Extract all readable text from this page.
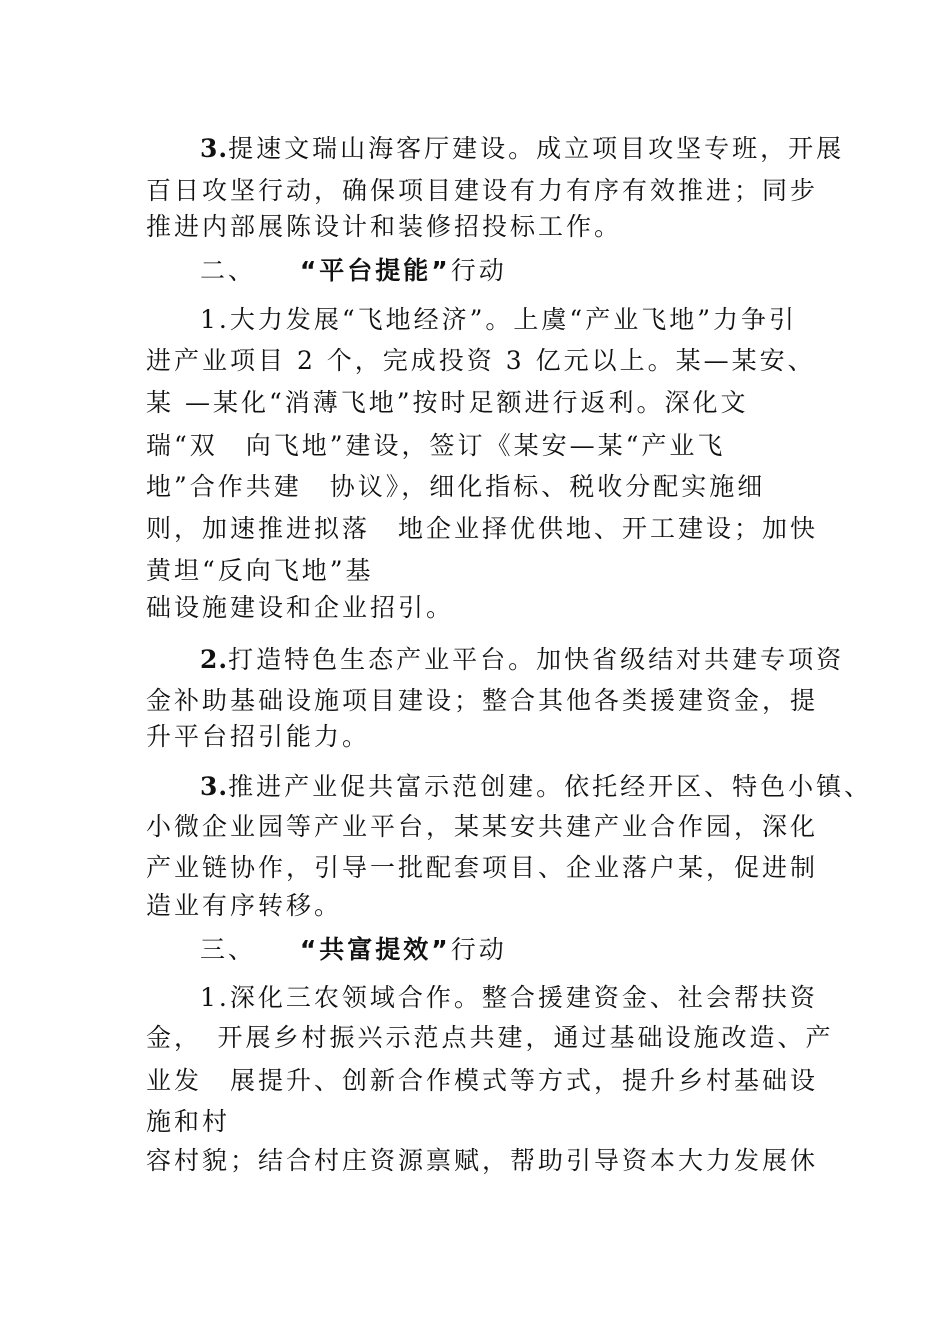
3.提速文瑞山海客厅建设。成立项目攻坚专班，开展
百日攻坚行动，确保项目建设有力有序有效推进；同步
推进内部展陈设计和装修招投标工作。
二、 “平台提能”行动
1.大力发展“飞地经济”。上虞“产业飞地”力争引
进产业项目 2 个，完成投资 3 亿元以上。某—某安、
某 —某化“消薄飞地”按时足额进行返利。深化文
瑞“双　向飞地”建设，签订《某安—某“产业飞
地”合作共建　协议》，细化指标、税收分配实施细
则，加速推进拟落　地企业择优供地、开工建设；加快
黄坦“反向飞地”基
础设施建设和企业招引。
2.打造特色生态产业平台。加快省级结对共建专项资
金补助基础设施项目建设；整合其他各类援建资金，提
升平台招引能力。
3.推进产业促共富示范创建。依托经开区、特色小镇、
小微企业园等产业平台，某某安共建产业合作园，深化
产业链协作，引导一批配套项目、企业落户某，促进制
造业有序转移。
三、 “共富提效”行动
1.深化三农领域合作。整合援建资金、社会帮扶资
金，　开展乡村振兴示范点共建，通过基础设施改造、产
业发　展提升、创新合作模式等方式，提升乡村基础设
施和村
容村貌；结合村庄资源禀赋，帮助引导资本大力发展休
